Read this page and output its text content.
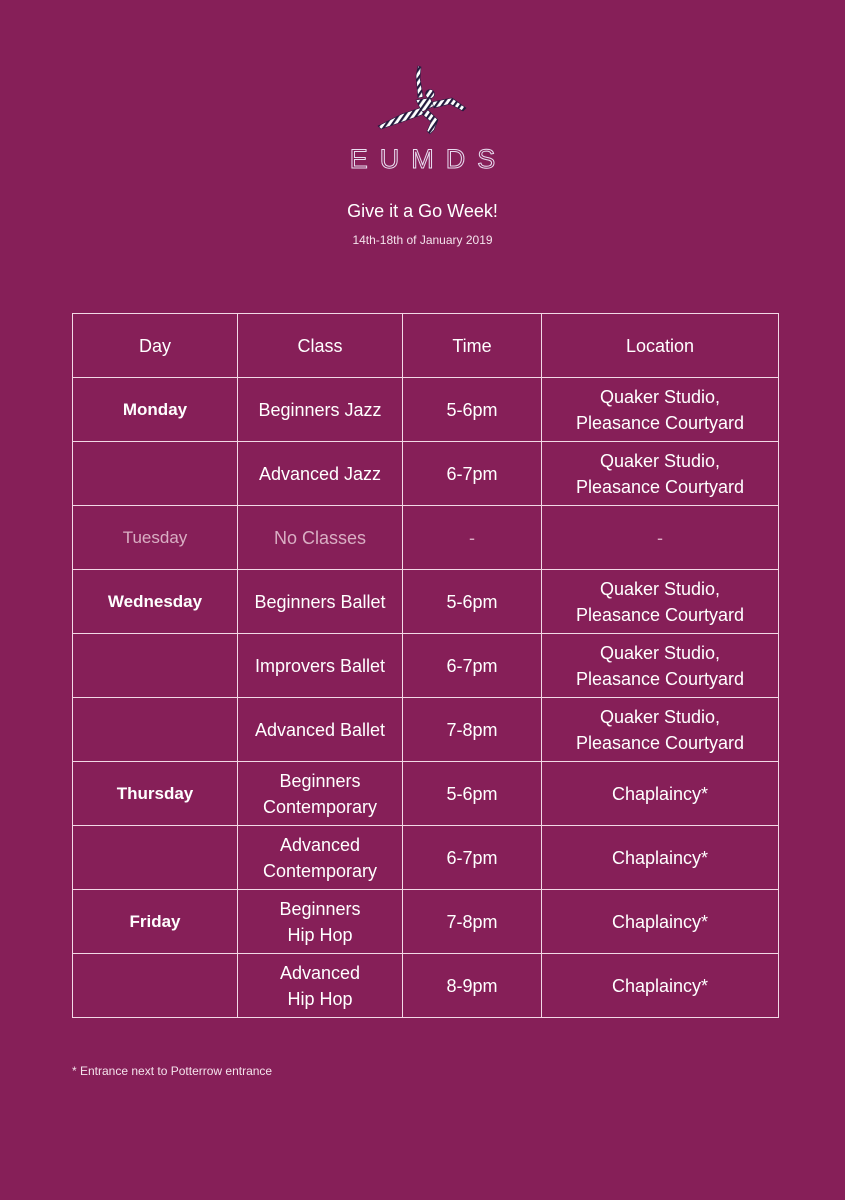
EUMDS
Give it a Go Week!
14th-18th of January 2019
Day	Class	Time	Location
Monday	Beginners Jazz	5-6pm	Quaker Studio,
Pleasance Courtyard
	Advanced Jazz	6-7pm	Quaker Studio,
Pleasance Courtyard
Tuesday	No Classes	-	-
Wednesday	Beginners Ballet	5-6pm	Quaker Studio,
Pleasance Courtyard
	Improvers Ballet	6-7pm	Quaker Studio,
Pleasance Courtyard
	Advanced Ballet	7-8pm	Quaker Studio,
Pleasance Courtyard
Thursday	Beginners
Contemporary	5-6pm	Chaplaincy*
	Advanced
Contemporary	6-7pm	Chaplaincy*
Friday	Beginners
Hip Hop	7-8pm	Chaplaincy*
	Advanced
Hip Hop	8-9pm	Chaplaincy*
* Entrance next to Potterrow entrance
